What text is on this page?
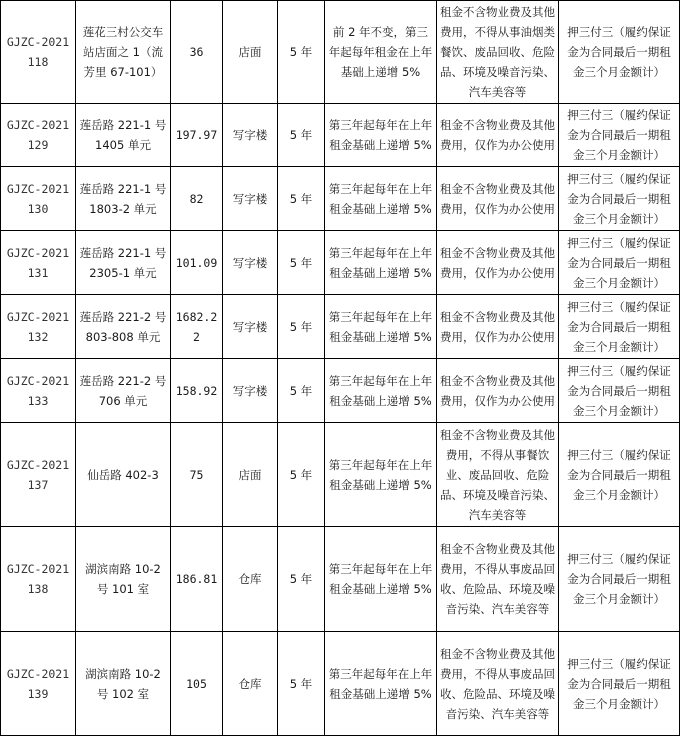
GJZC-2021118	莲花三村公交车站店面之 1（流芳里 67-101）	36	店面	5 年	前 2 年不变，第三年起每年租金在上年基础上递增 5%	租金不含物业费及其他费用，不得从事油烟类餐饮、废品回收、危险品、环境及噪音污染、汽车美容等	押三付三（履约保证金为合同最后一期租金三个月金额计）
GJZC-2021129	莲岳路 221-1 号 1405 单元	197.97	写字楼	5 年	第三年起每年在上年租金基础上递增 5%	租金不含物业费及其他费用，仅作为办公使用	押三付三（履约保证金为合同最后一期租金三个月金额计）
GJZC-2021130	莲岳路 221-1 号 1803-2 单元	82	写字楼	5 年	第三年起每年在上年租金基础上递增 5%	租金不含物业费及其他费用，仅作为办公使用	押三付三（履约保证金为合同最后一期租金三个月金额计）
GJZC-2021131	莲岳路 221-1 号 2305-1 单元	101.09	写字楼	5 年	第三年起每年在上年租金基础上递增 5%	租金不含物业费及其他费用，仅作为办公使用	押三付三（履约保证金为合同最后一期租金三个月金额计）
GJZC-2021132	莲岳路 221-2 号 803-808 单元	1682.22	写字楼	5 年	第三年起每年在上年租金基础上递增 5%	租金不含物业费及其他费用，仅作为办公使用	押三付三（履约保证金为合同最后一期租金三个月金额计）
GJZC-2021133	莲岳路 221-2 号 706 单元	158.92	写字楼	5 年	第三年起每年在上年租金基础上递增 5%	租金不含物业费及其他费用，仅作为办公使用	押三付三（履约保证金为合同最后一期租金三个月金额计）
GJZC-2021137	仙岳路 402-3	75	店面	5 年	第三年起每年在上年租金基础上递增 5%	租金不含物业费及其他费用，不得从事餐饮业、废品回收、危险品、环境及噪音污染、汽车美容等	押三付三（履约保证金为合同最后一期租金三个月金额计）
GJZC-2021138	湖滨南路 10-2 号 101 室	186.81	仓库	5 年	第三年起每年在上年租金基础上递增 5%	租金不含物业费及其他费用，不得从事废品回收、危险品、环境及噪音污染、汽车美容等	押三付三（履约保证金为合同最后一期租金三个月金额计）
GJZC-2021139	湖滨南路 10-2 号 102 室	105	仓库	5 年	第三年起每年在上年租金基础上递增 5%	租金不含物业费及其他费用，不得从事废品回收、危险品、环境及噪音污染、汽车美容等	押三付三（履约保证金为合同最后一期租金三个月金额计）
